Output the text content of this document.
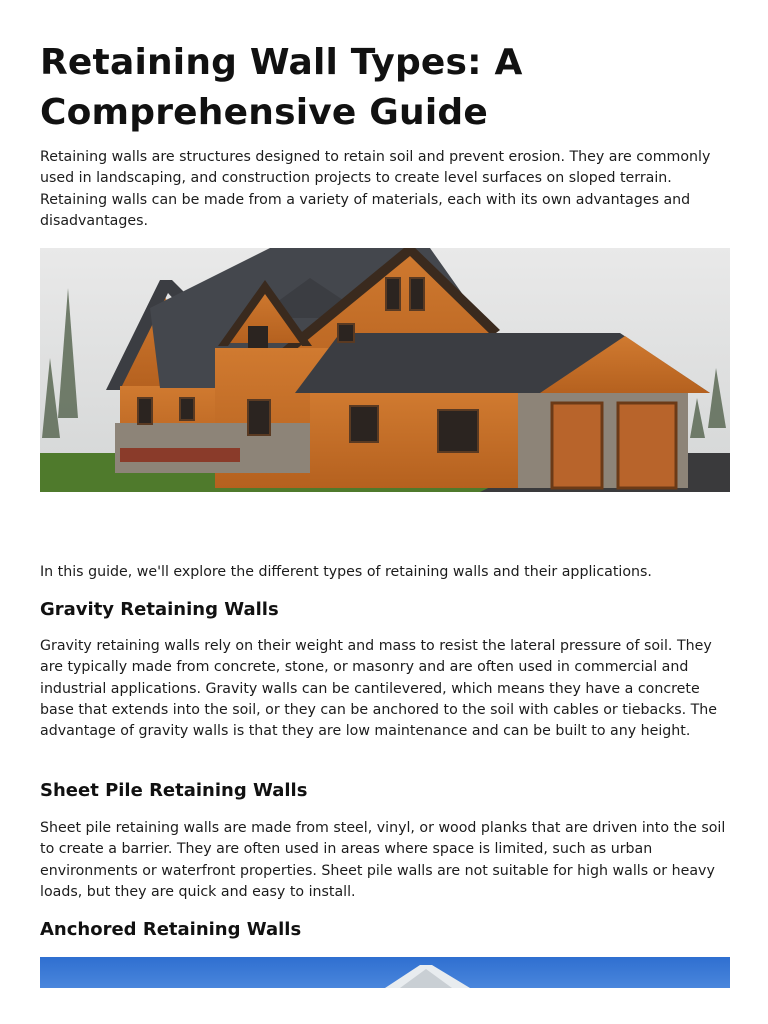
Retaining Wall Types: A Comprehensive Guide

Retaining walls are structures designed to retain soil and prevent erosion. They are commonly used in landscaping, and construction projects to create level surfaces on sloped terrain. Retaining walls can be made from a variety of materials, each with its own advantages and disadvantages.

In this guide, we'll explore the different types of retaining walls and their applications.

Gravity Retaining Walls

Gravity retaining walls rely on their weight and mass to resist the lateral pressure of soil. They are typically made from concrete, stone, or masonry and are often used in commercial and industrial applications. Gravity walls can be cantilevered, which means they have a concrete base that extends into the soil, or they can be anchored to the soil with cables or tiebacks. The advantage of gravity walls is that they are low maintenance and can be built to any height.

Sheet Pile Retaining Walls

Sheet pile retaining walls are made from steel, vinyl, or wood planks that are driven into the soil to create a barrier. They are often used in areas where space is limited, such as urban environments or waterfront properties. Sheet pile walls are not suitable for high walls or heavy loads, but they are quick and easy to install.

Anchored Retaining Walls
